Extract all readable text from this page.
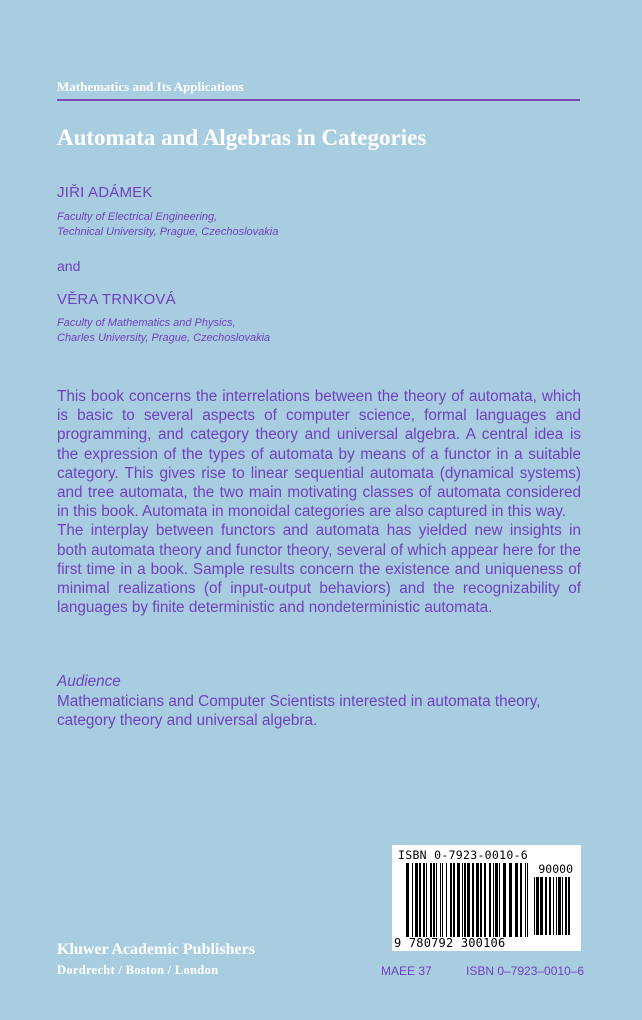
Mathematics and Its Applications
Automata and Algebras in Categories
JIŘI ADÁMEK
Faculty of Electrical Engineering,
Technical University, Prague, Czechoslovakia
and
VĚRA TRNKOVÁ
Faculty of Mathematics and Physics,
Charles University, Prague, Czechoslovakia

This book concerns the interrelations between the theory of automata, which is basic to several aspects of computer science, formal languages and programming, and category theory and universal algebra. A central idea is the expression of the types of automata by means of a functor in a suitable category. This gives rise to linear sequential automata (dynamical systems) and tree automata, the two main motivating classes of automata considered in this book. Automata in monoidal categories are also captured in this way.

The interplay between functors and automata has yielded new insights in both automata theory and functor theory, several of which appear here for the first time in a book. Sample results concern the existence and uniqueness of minimal realizations (of input-output behaviors) and the recognizability of languages by finite deterministic and nondeterministic automata.

Audience
Mathematicians and Computer Scientists interested in automata theory, category theory and universal algebra.
ISBN 0-7923-0010-6
90000
9 780792 300106
Kluwer Academic Publishers
Dordrecht / Boston / London	MAEE 37	ISBN 0–7923–0010–6
